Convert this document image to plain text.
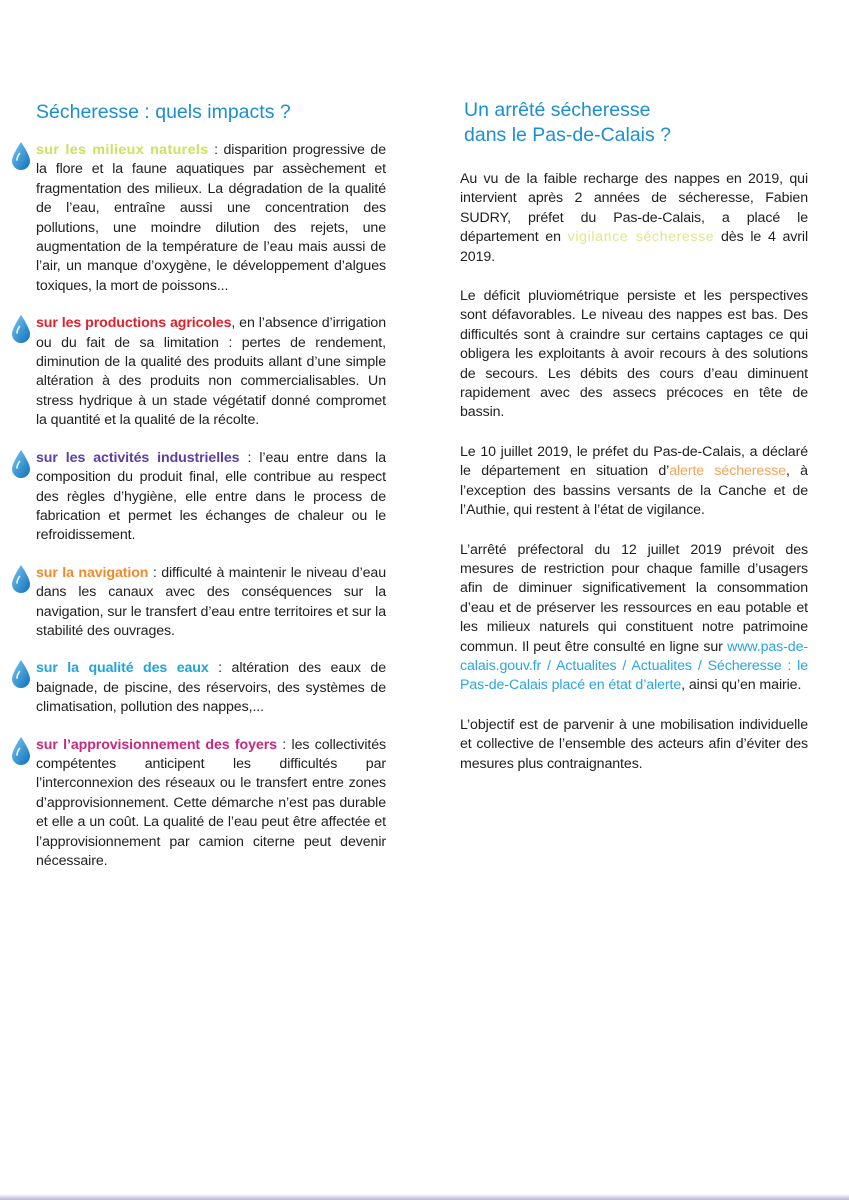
Sécheresse : quels impacts ?

sur les milieux naturels : disparition progressive de la flore et la faune aquatiques par assèchement et fragmentation des milieux. La dégradation de la qualité de l’eau, entraîne aussi une concentration des pollutions, une moindre dilution des rejets, une augmentation de la température de l’eau mais aussi de l’air, un manque d’oxygène, le développement d’algues toxiques, la mort de poissons...

sur les productions agricoles, en l’absence d’irrigation ou du fait de sa limitation : pertes de rendement, diminution de la qualité des produits allant d’une simple altération à des produits non commercialisables. Un stress hydrique à un stade végétatif donné compromet la quantité et la qualité de la récolte.

sur les activités industrielles : l’eau entre dans la composition du produit final, elle contribue au respect des règles d’hygiène, elle entre dans le process de fabrication et permet les échanges de chaleur ou le refroidissement.

sur la navigation : difficulté à maintenir le niveau d’eau dans les canaux avec des conséquences sur la navigation, sur le transfert d’eau entre territoires et sur la stabilité des ouvrages.

sur la qualité des eaux : altération des eaux de baignade, de piscine, des réservoirs, des systèmes de climatisation, pollution des nappes,...

sur l’approvisionnement des foyers : les collectivités compétentes anticipent les difficultés par l’interconnexion des réseaux ou le transfert entre zones d’approvisionnement. Cette démarche n’est pas durable et elle a un coût. La qualité de l’eau peut être affectée et l’approvisionnement par camion citerne peut devenir nécessaire.

Un arrêté sécheresse
dans le Pas-de-Calais ?

Au vu de la faible recharge des nappes en 2019, qui intervient après 2 années de sécheresse, Fabien SUDRY, préfet du Pas-de-Calais, a placé le département en vigilance sécheresse dès le 4 avril 2019.

Le déficit pluviométrique persiste et les perspectives sont défavorables. Le niveau des nappes est bas. Des difficultés sont à craindre sur certains captages ce qui obligera les exploitants à avoir recours à des solutions de secours. Les débits des cours d’eau diminuent rapidement avec des assecs précoces en tête de bassin.

Le 10 juillet 2019, le préfet du Pas-de-Calais, a déclaré le département en situation d’alerte sécheresse, à l’exception des bassins versants de la Canche et de l’Authie, qui restent à l’état de vigilance.

L’arrêté préfectoral du 12 juillet 2019 prévoit des mesures de restriction pour chaque famille d’usagers afin de diminuer significativement la consommation d’eau et de préserver les ressources en eau potable et les milieux naturels qui constituent notre patrimoine commun. Il peut être consulté en ligne sur www.pas-de-calais.gouv.fr / Actualites / Actualites / Sécheresse : le Pas-de-Calais placé en état d’alerte, ainsi qu’en mairie.

L’objectif est de parvenir à une mobilisation individuelle et collective de l’ensemble des acteurs afin d’éviter des mesures plus contraignantes.
